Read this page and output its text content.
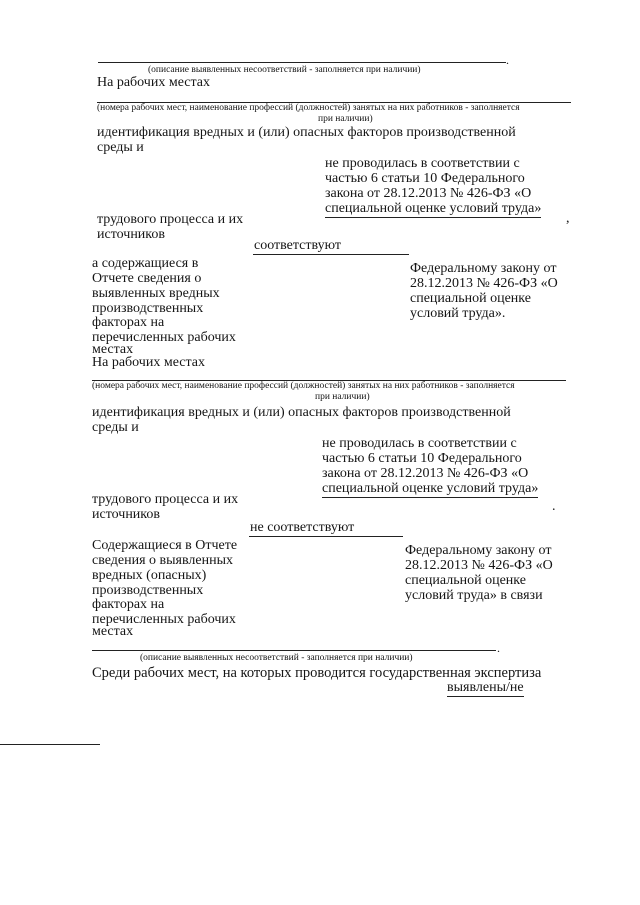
.
(описание выявленных несоответствий - заполняется при наличии)
На рабочих местах
(номера рабочих мест, наименование профессий (должностей) занятых на них работников - заполняется
при наличии)
идентификация вредных и (или) опасных факторов производственной
среды и
не проводилась в соответствии с
частью 6 статьи 10 Федерального
закона от 28.12.2013 № 426-ФЗ «О
специальной оценке условий труда»
,
трудового процесса и их
источников
соответствуют
а содержащиеся в
Отчете сведения о
выявленных вредных
производственных
факторах на
перечисленных рабочих
местах
Федеральному закону от
28.12.2013 № 426-ФЗ «О
специальной оценке
условий труда».
На рабочих местах
(номера рабочих мест, наименование профессий (должностей) занятых на них работников - заполняется
при наличии)
идентификация вредных и (или) опасных факторов производственной
среды и
не проводилась в соответствии с
частью 6 статьи 10 Федерального
закона от 28.12.2013 № 426-ФЗ «О
специальной оценке условий труда»
.
трудового процесса и их
источников
не соответствуют
Содержащиеся в Отчете
сведения о выявленных
вредных (опасных)
производственных
факторах на
перечисленных рабочих
местах
Федеральному закону от
28.12.2013 № 426-ФЗ «О
специальной оценке
условий труда» в связи
.
(описание выявленных несоответствий - заполняется при наличии)
Среди рабочих мест, на которых проводится государственная экспертиза
выявлены/не
